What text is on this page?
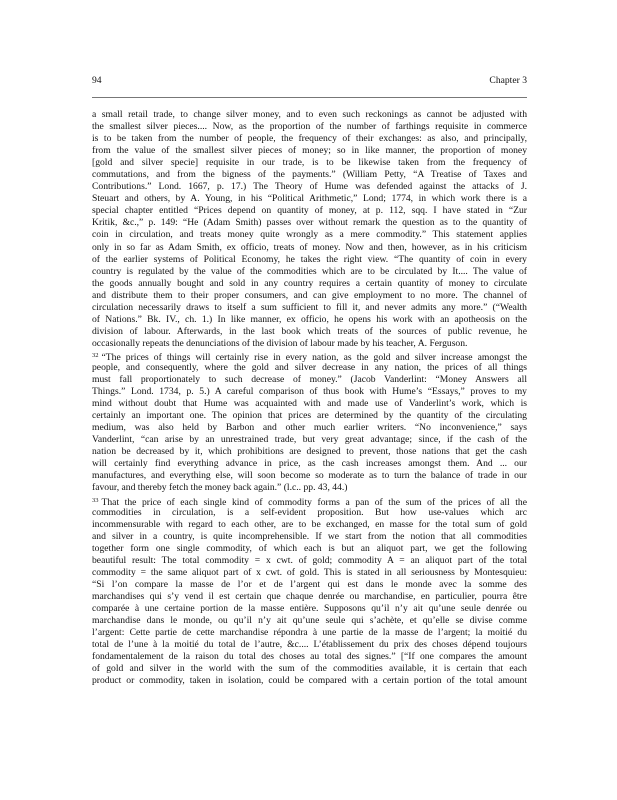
94	Chapter 3
a small retail trade, to change silver money, and to even such reckonings as cannot be adjusted with
the smallest silver pieces.... Now, as the proportion of the number of farthings requisite in commerce
is to be taken from the number of people, the frequency of their exchanges: as also, and principally,
from the value of the smallest silver pieces of money; so in like manner, the proportion of money
[gold and silver specie] requisite in our trade, is to be likewise taken from the frequency of
commutations, and from the bigness of the payments.” (William Petty, “A Treatise of Taxes and
Contributions.” Lond. 1667, p. 17.) The Theory of Hume was defended against the attacks of J.
Steuart and others, by A. Young, in his “Political Arithmetic,” Lond; 1774, in which work there is a
special chapter entitled “Prices depend on quantity of money, at p. 112, sqq. I have stated in “Zur
Kritik, &c.,” p. 149: “He (Adam Smith) passes over without remark the question as to the quantity of
coin in circulation, and treats money quite wrongly as a mere commodity.” This statement applies
only in so far as Adam Smith, ex officio, treats of money. Now and then, however, as in his criticism
of the earlier systems of Political Economy, he takes the right view. “The quantity of coin in every
country is regulated by the value of the commodities which are to be circulated by It.... The value of
the goods annually bought and sold in any country requires a certain quantity of money to circulate
and distribute them to their proper consumers, and can give employment to no more. The channel of
circulation necessarily draws to itself a sum sufficient to fill it, and never admits any more.” (“Wealth
of Nations.” Bk. IV., ch. 1.) In like manner, ex officio, he opens his work with an apotheosis on the
division of labour. Afterwards, in the last book which treats of the sources of public revenue, he
occasionally repeats the denunciations of the division of labour made by his teacher, A. Ferguson.
$^{32}$ “The prices of things will certainly rise in every nation, as the gold and silver increase amongst the
people, and consequently, where the gold and silver decrease in any nation, the prices of all things
must fall proportionately to such decrease of money.” (Jacob Vanderlint: “Money Answers all
Things.” Lond. 1734, p. 5.) A careful comparison of thus book with Hume’s “Essays,” proves to my
mind without doubt that Hume was acquainted with and made use of Vanderlint’s work, which is
certainly an important one. The opinion that prices are determined by the quantity of the circulating
medium, was also held by Barbon and other much earlier writers. “No inconvenience,” says
Vanderlint, “can arise by an unrestrained trade, but very great advantage; since, if the cash of the
nation be decreased by it, which prohibitions are designed to prevent, those nations that get the cash
will certainly find everything advance in price, as the cash increases amongst them. And ... our
manufactures, and everything else, will soon become so moderate as to turn the balance of trade in our
favour, and thereby fetch the money back again.” (l.c.. pp. 43, 44.)
$^{33}$ That the price of each single kind of commodity forms a pan of the sum of the prices of all the
commodities in circulation, is a self-evident proposition. But how use-values which arc
incommensurable with regard to each other, are to be exchanged, en masse for the total sum of gold
and silver in a country, is quite incomprehensible. If we start from the notion that all commodities
together form one single commodity, of which each is but an aliquot part, we get the following
beautiful result: The total commodity = x cwt. of gold; commodity A = an aliquot part of the total
commodity = the same aliquot part of x cwt. of gold. This is stated in all seriousness by Montesquieu:
“Si l’on compare la masse de l’or et de l’argent qui est dans le monde avec la somme des
marchandises qui s’y vend il est certain que chaque denrée ou marchandise, en particulier, pourra être
comparée à une certaine portion de la masse entière. Supposons qu’il n’y ait qu’une seule denrée ou
marchandise dans le monde, ou qu’il n’y ait qu’une seule qui s’achète, et qu’elle se divise comme
l’argent: Cette partie de cette marchandise répondra à une partie de la masse de l’argent; la moitié du
total de l’une à la moitié du total de l’autre, &c.... L’établissement du prix des choses dépend toujours
fondamentalement de la raison du total des choses au total des signes.” [“If one compares the amount
of gold and silver in the world with the sum of the commodities available, it is certain that each
product or commodity, taken in isolation, could be compared with a certain portion of the total amount
